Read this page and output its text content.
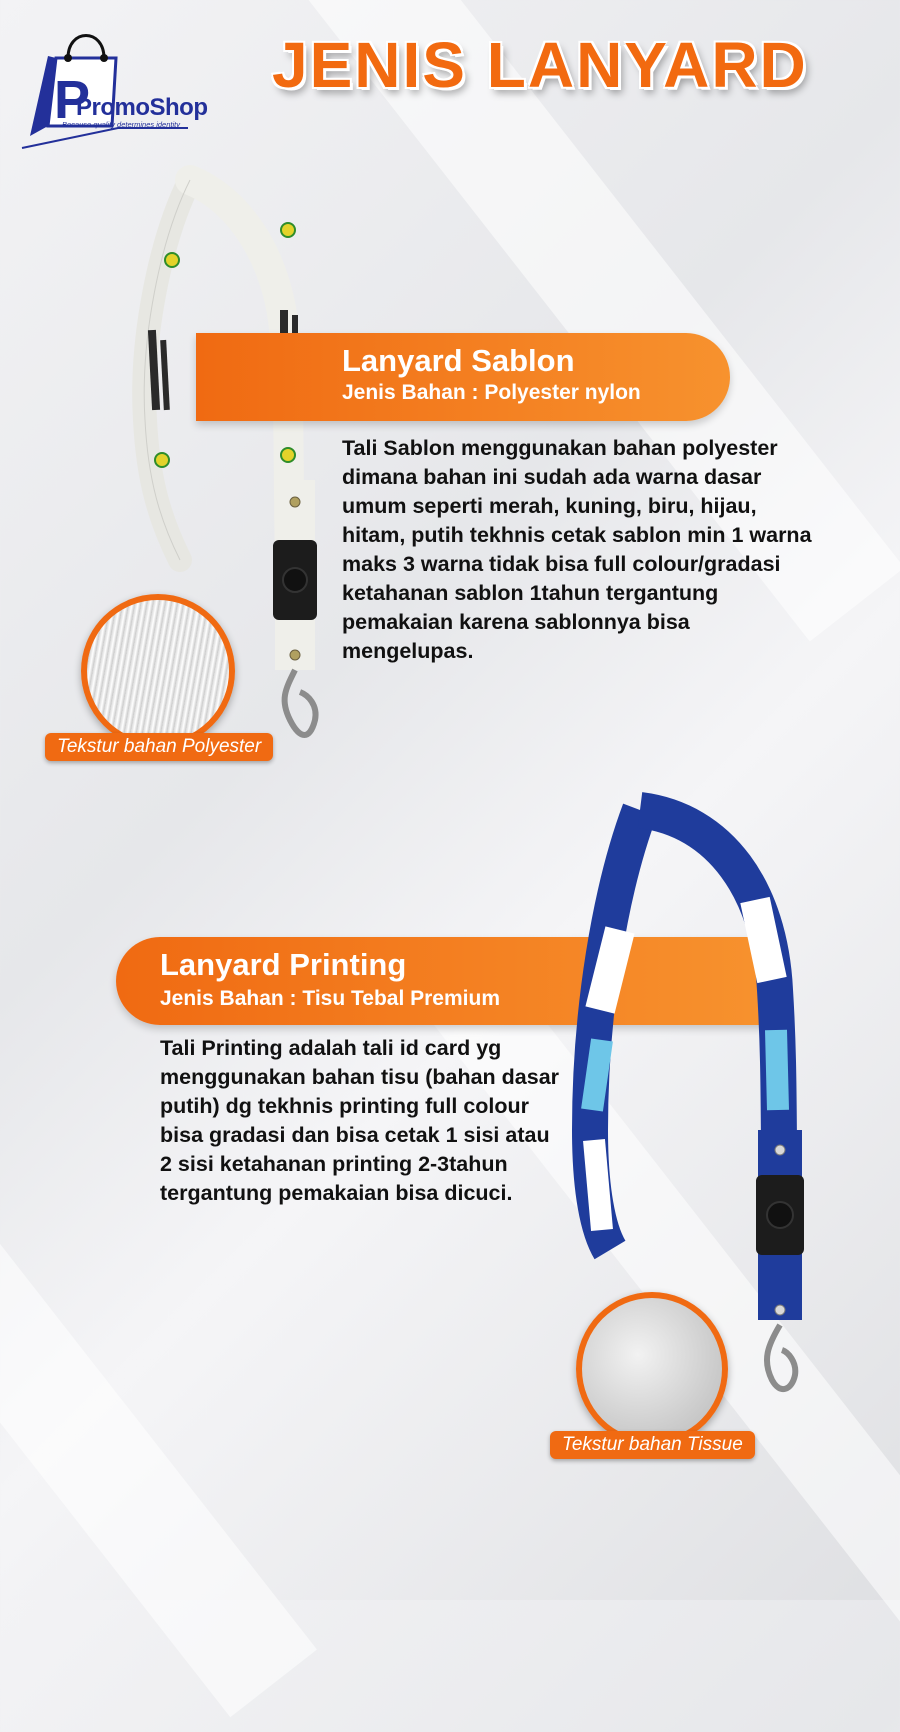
P
PromoShop
Because quality determines identity
JENIS LANYARD
Lanyard Sablon
Jenis Bahan : Polyester nylon

Tali Sablon menggunakan bahan polyester dimana bahan ini sudah ada warna dasar umum seperti merah, kuning, biru, hijau, hitam, putih tekhnis cetak sablon min 1 warna maks 3 warna tidak bisa full colour/gradasi ketahanan sablon 1tahun tergantung pemakaian karena sablonnya bisa mengelupas.

Tekstur bahan Polyester
Lanyard Printing
Jenis Bahan : Tisu Tebal Premium

Tali Printing adalah tali id card yg menggunakan bahan tisu (bahan dasar putih) dg tekhnis printing full colour bisa gradasi dan bisa cetak 1 sisi atau 2 sisi ketahanan printing 2-3tahun tergantung pemakaian bisa dicuci.

Tekstur bahan Tissue
